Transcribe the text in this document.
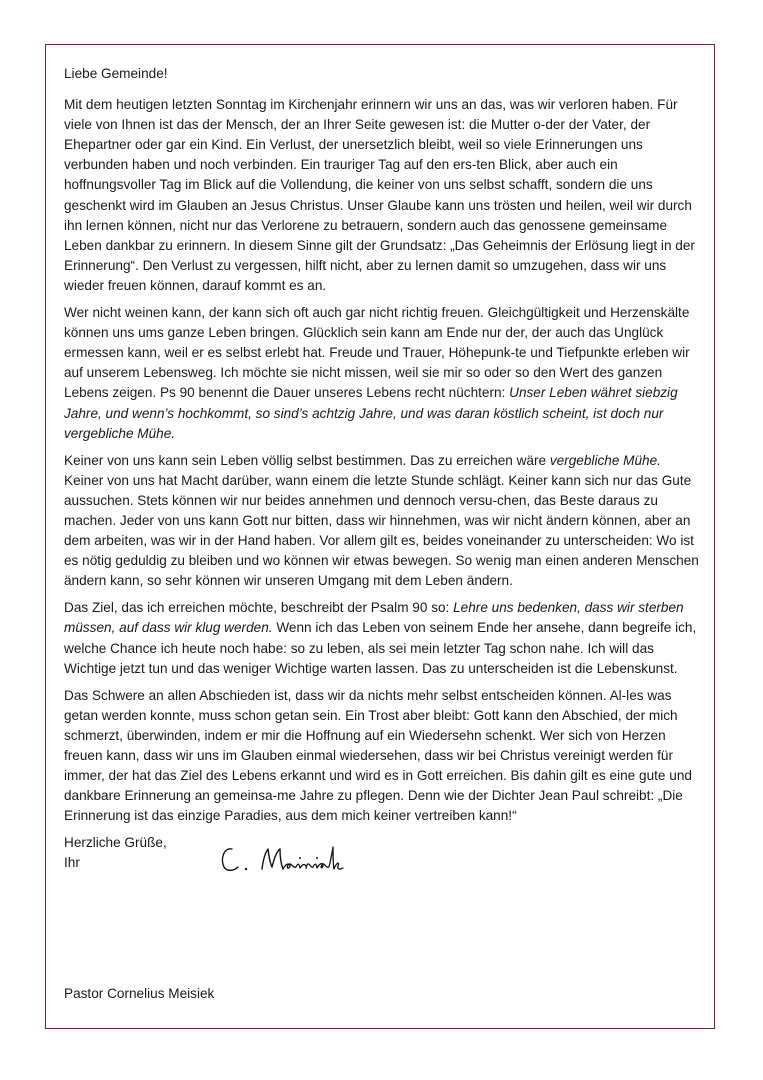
Liebe Gemeinde!

Mit dem heutigen letzten Sonntag im Kirchenjahr erinnern wir uns an das, was wir verloren haben. Für viele von Ihnen ist das der Mensch, der an Ihrer Seite gewesen ist: die Mutter o-der der Vater, der Ehepartner oder gar ein Kind. Ein Verlust, der unersetzlich bleibt, weil so viele Erinnerungen uns verbunden haben und noch verbinden. Ein trauriger Tag auf den ers-ten Blick, aber auch ein hoffnungsvoller Tag im Blick auf die Vollendung, die keiner von uns selbst schafft, sondern die uns geschenkt wird im Glauben an Jesus Christus. Unser Glaube kann uns trösten und heilen, weil wir durch ihn lernen können, nicht nur das Verlorene zu betrauern, sondern auch das genossene gemeinsame Leben dankbar zu erinnern. In diesem Sinne gilt der Grundsatz: „Das Geheimnis der Erlösung liegt in der Erinnerung“. Den Verlust zu vergessen, hilft nicht, aber zu lernen damit so umzugehen, dass wir uns wieder freuen können, darauf kommt es an.

Wer nicht weinen kann, der kann sich oft auch gar nicht richtig freuen. Gleichgültigkeit und Herzenskälte können uns ums ganze Leben bringen. Glücklich sein kann am Ende nur der, der auch das Unglück ermessen kann, weil er es selbst erlebt hat. Freude und Trauer, Höhepunk-te und Tiefpunkte erleben wir auf unserem Lebensweg. Ich möchte sie nicht missen, weil sie mir so oder so den Wert des ganzen Lebens zeigen. Ps 90 benennt die Dauer unseres Lebens recht nüchtern: Unser Leben währet siebzig Jahre, und wenn’s hochkommt, so sind’s achtzig Jahre, und was daran köstlich scheint, ist doch nur vergebliche Mühe.

Keiner von uns kann sein Leben völlig selbst bestimmen. Das zu erreichen wäre vergebliche Mühe. Keiner von uns hat Macht darüber, wann einem die letzte Stunde schlägt. Keiner kann sich nur das Gute aussuchen. Stets können wir nur beides annehmen und dennoch versu-chen, das Beste daraus zu machen. Jeder von uns kann Gott nur bitten, dass wir hinnehmen, was wir nicht ändern können, aber an dem arbeiten, was wir in der Hand haben. Vor allem gilt es, beides voneinander zu unterscheiden: Wo ist es nötig geduldig zu bleiben und wo können wir etwas bewegen. So wenig man einen anderen Menschen ändern kann, so sehr können wir unseren Umgang mit dem Leben ändern.

Das Ziel, das ich erreichen möchte, beschreibt der Psalm 90 so: Lehre uns bedenken, dass wir sterben müssen, auf dass wir klug werden. Wenn ich das Leben von seinem Ende her ansehe, dann begreife ich, welche Chance ich heute noch habe: so zu leben, als sei mein letzter Tag schon nahe. Ich will das Wichtige jetzt tun und das weniger Wichtige warten lassen. Das zu unterscheiden ist die Lebenskunst.

Das Schwere an allen Abschieden ist, dass wir da nichts mehr selbst entscheiden können. Al-les was getan werden konnte, muss schon getan sein. Ein Trost aber bleibt: Gott kann den Abschied, der mich schmerzt, überwinden, indem er mir die Hoffnung auf ein Wiedersehn schenkt. Wer sich von Herzen freuen kann, dass wir uns im Glauben einmal wiedersehen, dass wir bei Christus vereinigt werden für immer, der hat das Ziel des Lebens erkannt und wird es in Gott erreichen. Bis dahin gilt es eine gute und dankbare Erinnerung an gemeinsa-me Jahre zu pflegen. Denn wie der Dichter Jean Paul schreibt: „Die Erinnerung ist das einzige Paradies, aus dem mich keiner vertreiben kann!“

Herzliche Grüße,
Ihr
Pastor Cornelius Meisiek
